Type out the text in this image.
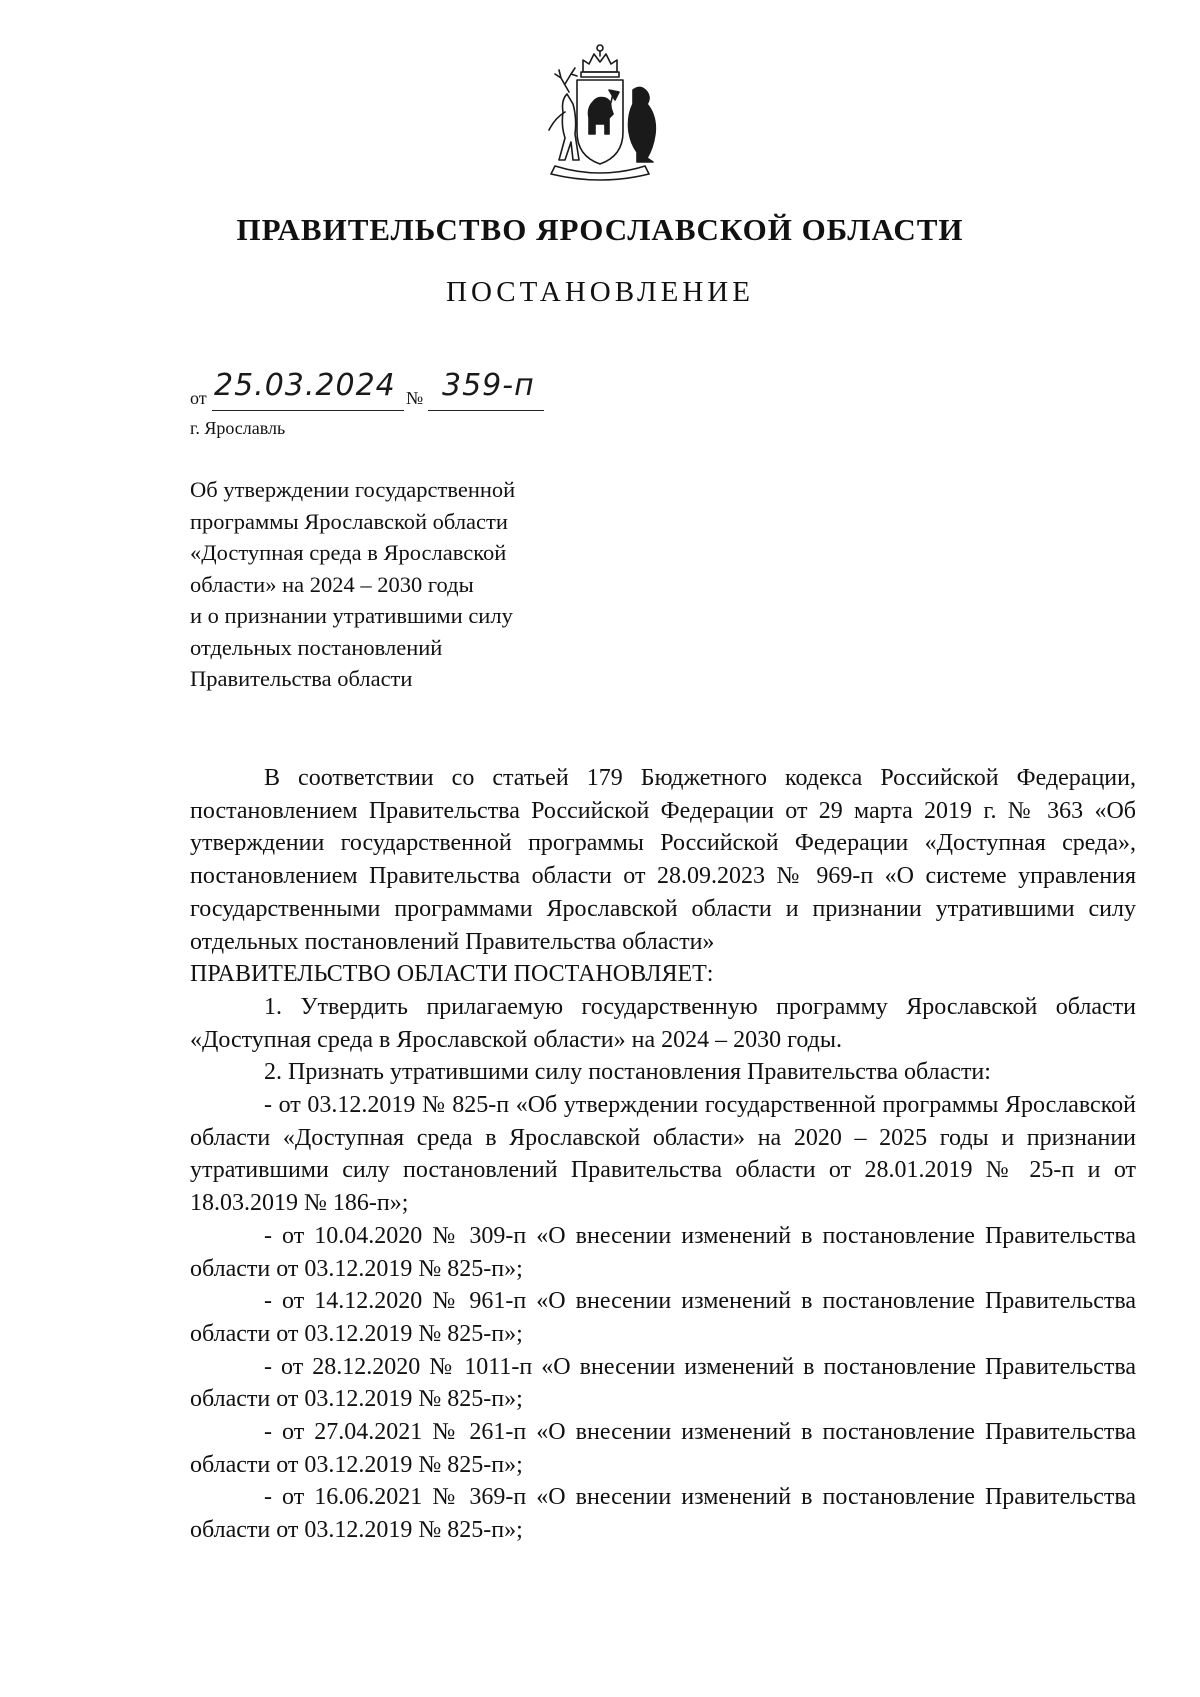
ПРАВИТЕЛЬСТВО ЯРОСЛАВСКОЙ ОБЛАСТИ
ПОСТАНОВЛЕНИЕ
от 25.03.2024 № 359-п
г. Ярославль
Об утверждении государственной
программы Ярославской области
«Доступная среда в Ярославской
области» на 2024 – 2030 годы
и о признании утратившими силу
отдельных постановлений
Правительства области

В соответствии со статьей 179 Бюджетного кодекса Российской Федерации, постановлением Правительства Российской Федерации от 29 марта 2019 г. № 363 «Об утверждении государственной программы Российской Федерации «Доступная среда», постановлением Правительства области от 28.09.2023 № 969-п «О системе управления государственными программами Ярославской области и признании утратившими силу отдельных постановлений Правительства области»

ПРАВИТЕЛЬСТВО ОБЛАСТИ ПОСТАНОВЛЯЕТ:

1. Утвердить прилагаемую государственную программу Ярославской области «Доступная среда в Ярославской области» на 2024 – 2030 годы.

2. Признать утратившими силу постановления Правительства области:

- от 03.12.2019 № 825-п «Об утверждении государственной программы Ярославской области «Доступная среда в Ярославской области» на 2020 – 2025 годы и признании утратившими силу постановлений Правительства области от 28.01.2019 № 25-п и от 18.03.2019 № 186-п»;

- от 10.04.2020 № 309-п «О внесении изменений в постановление Правительства области от 03.12.2019 № 825-п»;

- от 14.12.2020 № 961-п «О внесении изменений в постановление Правительства области от 03.12.2019 № 825-п»;

- от 28.12.2020 № 1011-п «О внесении изменений в постановление Правительства области от 03.12.2019 № 825-п»;

- от 27.04.2021 № 261-п «О внесении изменений в постановление Правительства области от 03.12.2019 № 825-п»;

- от 16.06.2021 № 369-п «О внесении изменений в постановление Правительства области от 03.12.2019 № 825-п»;
